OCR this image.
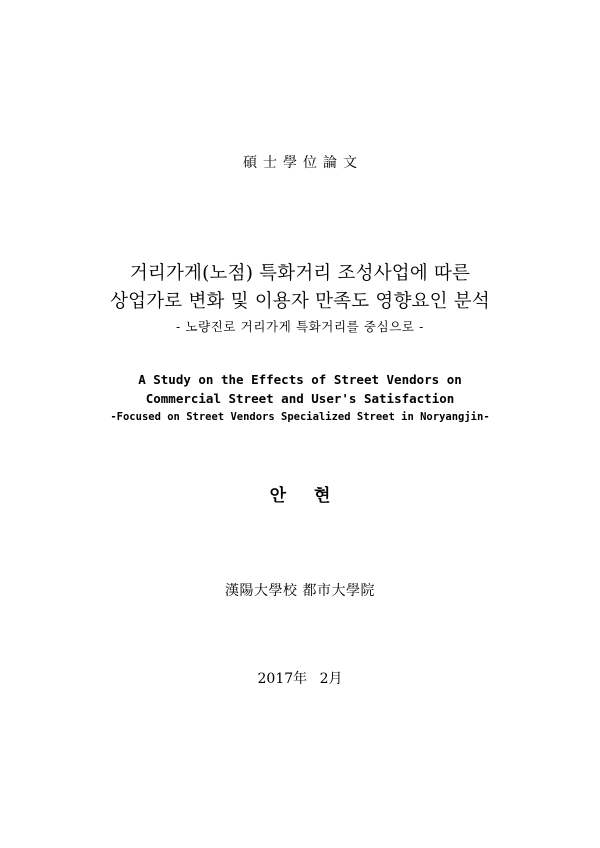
碩士學位論文
거리가게(노점) 특화거리 조성사업에 따른
상업가로 변화 및 이용자 만족도 영향요인 분석
- 노량진로 거리가게 특화거리를 중심으로 -
A Study on the Effects of Street Vendors on
Commercial Street and User's Satisfaction
-Focused on Street Vendors Specialized Street in Noryangjin-
안현
漢陽大學校 都市大學院
2017年 2月
